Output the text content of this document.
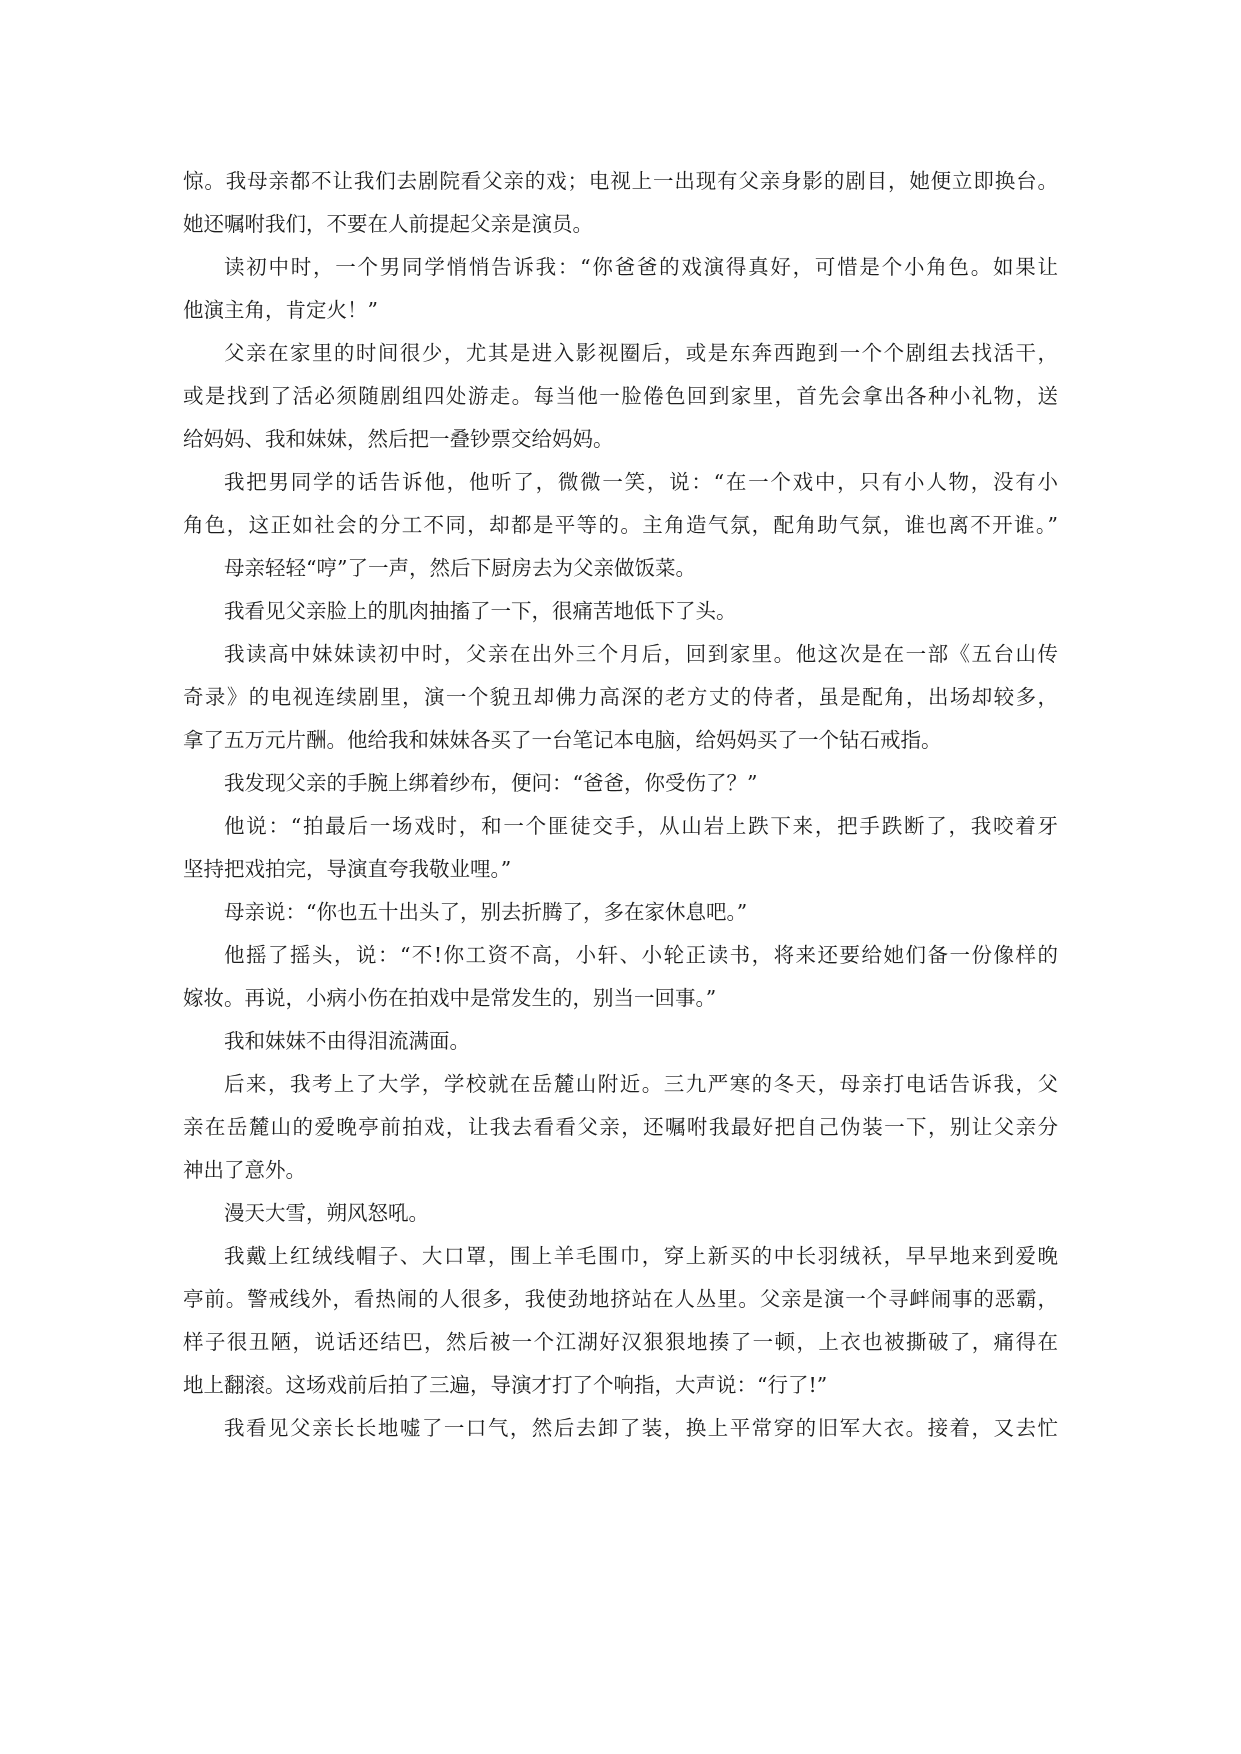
惊。我母亲都不让我们去剧院看父亲的戏；电视上一出现有父亲身影的剧目，她便立即换台。
她还嘱咐我们，不要在人前提起父亲是演员。
读初中时，一个男同学悄悄告诉我：“你爸爸的戏演得真好，可惜是个小角色。如果让
他演主角，肯定火！”
父亲在家里的时间很少，尤其是进入影视圈后，或是东奔西跑到一个个剧组去找活干，
或是找到了活必须随剧组四处游走。每当他一脸倦色回到家里，首先会拿出各种小礼物，送
给妈妈、我和妹妹，然后把一叠钞票交给妈妈。
我把男同学的话告诉他，他听了，微微一笑，说：“在一个戏中，只有小人物，没有小
角色，这正如社会的分工不同，却都是平等的。主角造气氛，配角助气氛，谁也离不开谁。”
母亲轻轻“哼”了一声，然后下厨房去为父亲做饭菜。
我看见父亲脸上的肌肉抽搐了一下，很痛苦地低下了头。
我读高中妹妹读初中时，父亲在出外三个月后，回到家里。他这次是在一部《五台山传
奇录》的电视连续剧里，演一个貌丑却佛力高深的老方丈的侍者，虽是配角，出场却较多，
拿了五万元片酬。他给我和妹妹各买了一台笔记本电脑，给妈妈买了一个钻石戒指。
我发现父亲的手腕上绑着纱布，便问：“爸爸，你受伤了？”
他说：“拍最后一场戏时，和一个匪徒交手，从山岩上跌下来，把手跌断了，我咬着牙
坚持把戏拍完，导演直夸我敬业哩。”
母亲说：“你也五十出头了，别去折腾了，多在家休息吧。”
他摇了摇头，说：“不!你工资不高，小轩、小轮正读书，将来还要给她们备一份像样的
嫁妆。再说，小病小伤在拍戏中是常发生的，别当一回事。”
我和妹妹不由得泪流满面。
后来，我考上了大学，学校就在岳麓山附近。三九严寒的冬天，母亲打电话告诉我，父
亲在岳麓山的爱晚亭前拍戏，让我去看看父亲，还嘱咐我最好把自己伪装一下，别让父亲分
神出了意外。
漫天大雪，朔风怒吼。
我戴上红绒线帽子、大口罩，围上羊毛围巾，穿上新买的中长羽绒袄，早早地来到爱晚
亭前。警戒线外，看热闹的人很多，我使劲地挤站在人丛里。父亲是演一个寻衅闹事的恶霸，
样子很丑陋，说话还结巴，然后被一个江湖好汉狠狠地揍了一顿，上衣也被撕破了，痛得在
地上翻滚。这场戏前后拍了三遍，导演才打了个响指，大声说：“行了!”
我看见父亲长长地嘘了一口气，然后去卸了装，换上平常穿的旧军大衣。接着，又去忙
